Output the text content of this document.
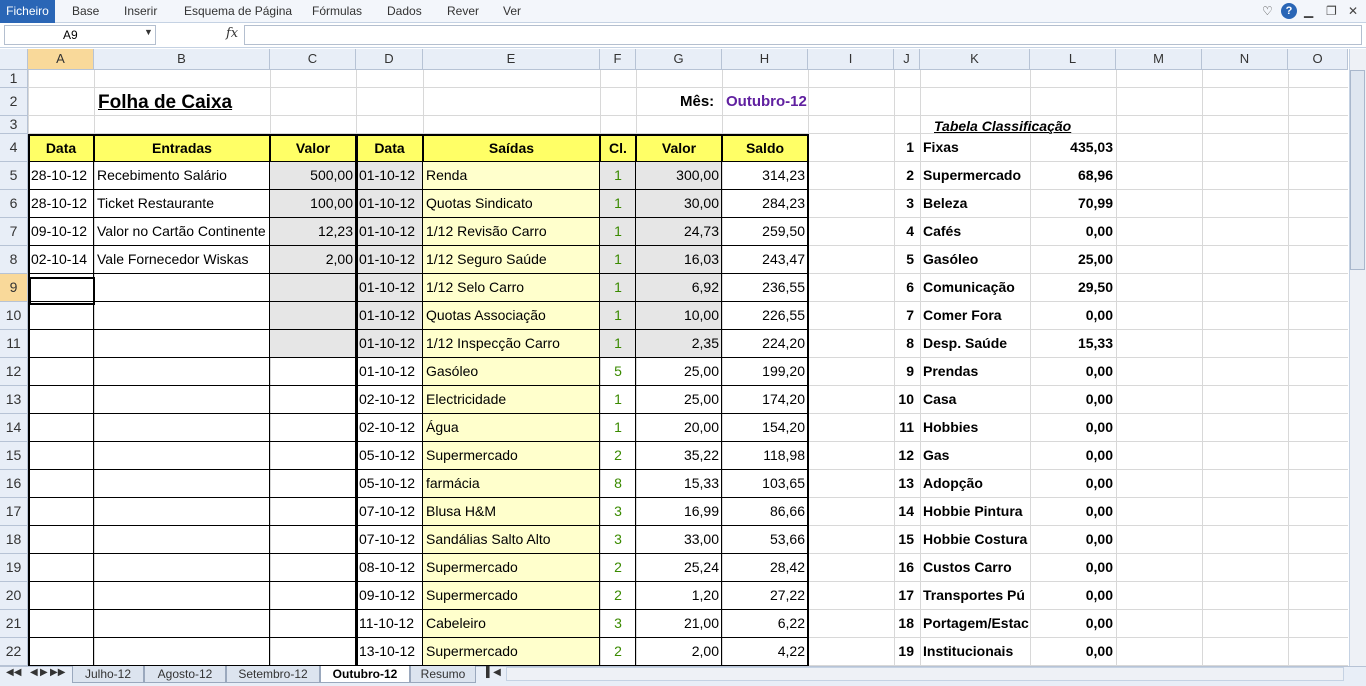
Ficheiro	Base Inserir Esquema de Página Fórmulas Dados Rever Ver	♡	? ▁ ❐ ✕
A9	▼	fx
A	B	C	D	E	F	G	H	I	J	K	L	M	N	O
1
2
3
4
5
6
7
8
9
10
11
12
13
14
15
16
17
18
19
20
21
22
Data	Entradas	Valor	Data	Saídas	Cl.	Valor	Saldo
28-10-12 Recebimento Salário	500,00
28-10-12 Ticket Restaurante	100,00
09-10-12 Valor no Cartão Continente	12,23
02-10-14 Vale Fornecedor Wiskas	2,00
01-10-12 Renda	1	300,00	314,23
01-10-12 Quotas Sindicato	1	30,00	284,23
01-10-12 1/12 Revisão Carro	1	24,73	259,50
01-10-12 1/12 Seguro Saúde	1	16,03	243,47
01-10-12 1/12 Selo Carro	1	6,92	236,55
01-10-12 Quotas Associação	1	10,00	226,55
01-10-12 1/12 Inspecção Carro	1	2,35	224,20
01-10-12 Gasóleo	5	25,00	199,20
02-10-12 Electricidade	1	25,00	174,20
02-10-12 Água	1	20,00	154,20
05-10-12 Supermercado	2	35,22	118,98
05-10-12 farmácia	8	15,33	103,65
07-10-12 Blusa H&M	3	16,99	86,66
07-10-12 Sandálias Salto Alto	3	33,00	53,66
08-10-12 Supermercado	2	25,24	28,42
09-10-12 Supermercado	2	1,20	27,22
11-10-12 Cabeleiro	3	21,00	6,22
13-10-12 Supermercado	2	2,00	4,22
1 Fixas	435,03
2 Supermercado	68,96
3 Beleza	70,99
4 Cafés	0,00
5 Gasóleo	25,00
6 Comunicação	29,50
7 Comer Fora	0,00
8 Desp. Saúde	15,33
9 Prendas	0,00
10 Casa	0,00
11 Hobbies	0,00
12 Gas	0,00
13 Adopção	0,00
14 Hobbie Pintura	0,00
15 Hobbie Costura	0,00
16 Custos Carro	0,00
17 Transportes Pú	0,00
18 Portagem/Estac	0,00
19 Institucionais	0,00
Folha de Caixa	Mês: Outubro-12
Tabela Classificação
◀◀ ◀ ▶ ▶▶	Julho-12	Agosto-12	Setembro-12	Outubro-12	Resumo	▌◀
